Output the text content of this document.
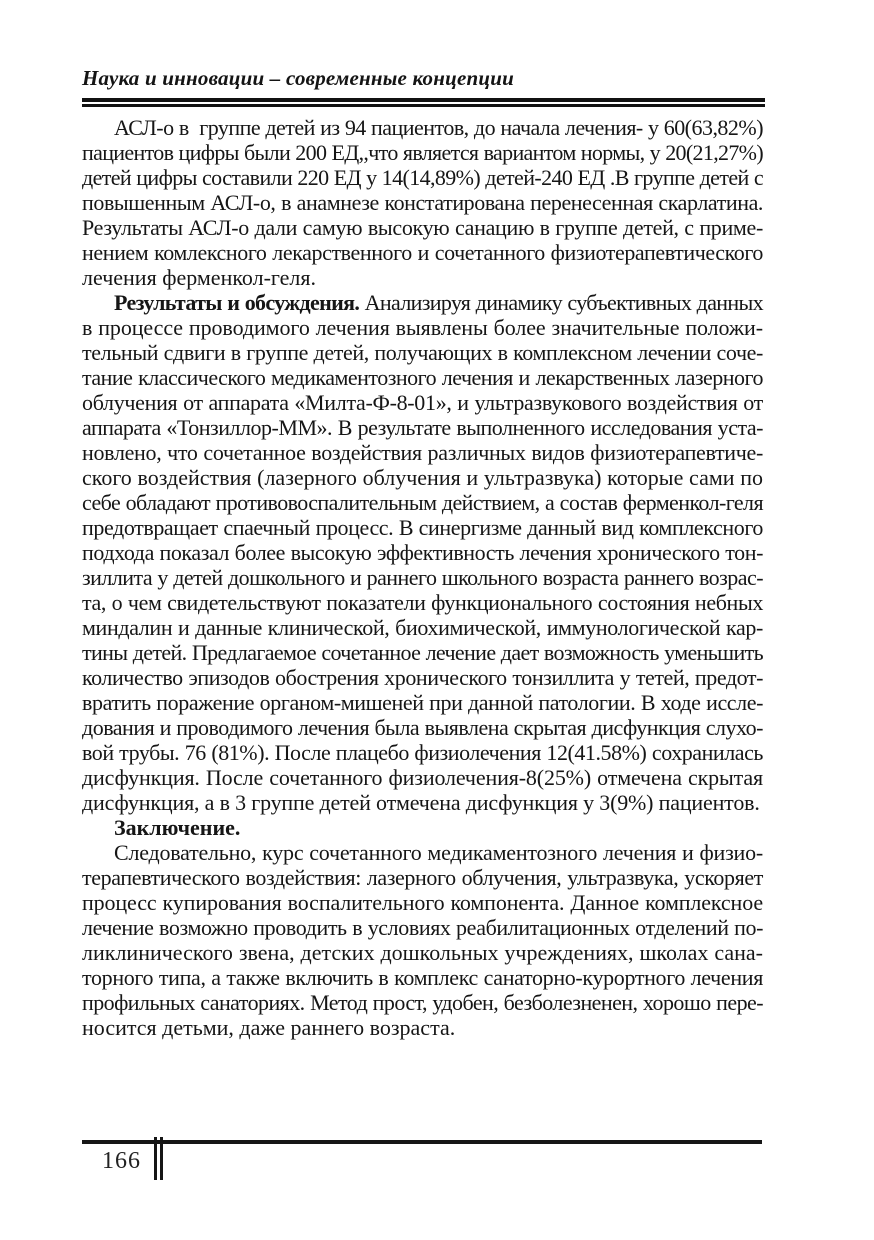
Наука и инновации – современные концепции
АСЛ-о в  группе детей из 94 пациентов, до начала лечения- у 60(63,82%)
пациентов цифры были 200 ЕД,,что является вариантом нормы, у 20(21,27%)
детей цифры составили 220 ЕД у 14(14,89%) детей-240 ЕД .В группе детей с
повышенным АСЛ-о, в анамнезе констатирована перенесенная скарлатина.
Результаты АСЛ-о дали самую высокую санацию в группе детей, с приме-
нением комлексного лекарственного и сочетанного физиотерапевтического
лечения ферменкол-геля.
Результаты и обсуждения. Анализируя динамику субъективных данных
в процессе проводимого лечения выявлены более значительные положи-
тельный сдвиги в группе детей, получающих в комплексном лечении соче-
тание классического медикаментозного лечения и лекарственных лазерного
облучения от аппарата «Милта-Ф-8-01», и ультразвукового воздействия от
аппарата «Тонзиллор-ММ». В результате выполненного исследования уста-
новлено, что сочетанное воздействия различных видов физиотерапевтиче-
ского воздействия (лазерного облучения и ультразвука) которые сами по
себе обладают противовоспалительным действием, а состав ферменкол-геля
предотвращает спаечный процесс. В синергизме данный вид комплексного
подхода показал более высокую эффективность лечения хронического тон-
зиллита у детей дошкольного и раннего школьного возраста раннего возрас-
та, о чем свидетельствуют показатели функционального состояния небных
миндалин и данные клинической, биохимической, иммунологической кар-
тины детей. Предлагаемое сочетанное лечение дает возможность уменьшить
количество эпизодов обострения хронического тонзиллита у тетей, предот-
вратить поражение органом-мишеней при данной патологии. В ходе иссле-
дования и проводимого лечения была выявлена скрытая дисфункция слухо-
вой трубы. 76 (81%). После плацебо физиолечения 12(41.58%) сохранилась
дисфункция. После сочетанного физиолечения-8(25%) отмечена скрытая
дисфункция, а в 3 группе детей отмечена дисфункция у 3(9%) пациентов.
Заключение.
Следовательно, курс сочетанного медикаментозного лечения и физио-
терапевтического воздействия: лазерного облучения, ультразвука, ускоряет
процесс купирования воспалительного компонента. Данное комплексное
лечение возможно проводить в условиях реабилитационных отделений по-
ликлинического звена, детских дошкольных учреждениях, школах сана-
торного типа, а также включить в комплекс санаторно-курортного лечения
профильных санаториях. Метод прост, удобен, безболезненен, хорошо пере-
носится детьми, даже раннего возраста.
166
